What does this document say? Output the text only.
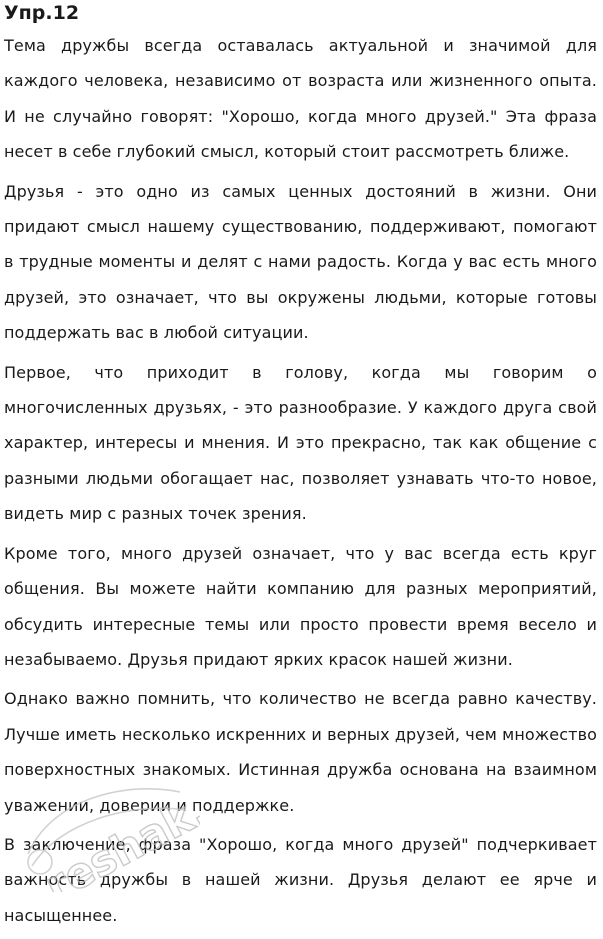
Упр.12

Тема дружбы всегда оставалась актуальной и значимой для каждого человека, независимо от возраста или жизненного опыта. И не случайно говорят: "Хорошо, когда много друзей." Эта фраза несет в себе глубокий смысл, который стоит рассмотреть ближе.

Друзья - это одно из самых ценных достояний в жизни. Они придают смысл нашему существованию, поддерживают, помогают в трудные моменты и делят с нами радость. Когда у вас есть много друзей, это означает, что вы окружены людьми, которые готовы поддержать вас в любой ситуации.

Первое, что приходит в голову, когда мы говорим о многочисленных друзьях, - это разнообразие. У каждого друга свой характер, интересы и мнения. И это прекрасно, так как общение с разными людьми обогащает нас, позволяет узнавать что-то новое, видеть мир с разных точек зрения.

Кроме того, много друзей означает, что у вас всегда есть круг общения. Вы можете найти компанию для разных мероприятий, обсудить интересные темы или просто провести время весело и незабываемо. Друзья придают ярких красок нашей жизни.

Однако важно помнить, что количество не всегда равно качеству. Лучше иметь несколько искренних и верных друзей, чем множество поверхностных знакомых. Истинная дружба основана на взаимном уважении, доверии и поддержке.

В заключение, фраза "Хорошо, когда много друзей" подчеркивает важность дружбы в нашей жизни. Друзья делают ее ярче и насыщеннее.

reshak.ru
